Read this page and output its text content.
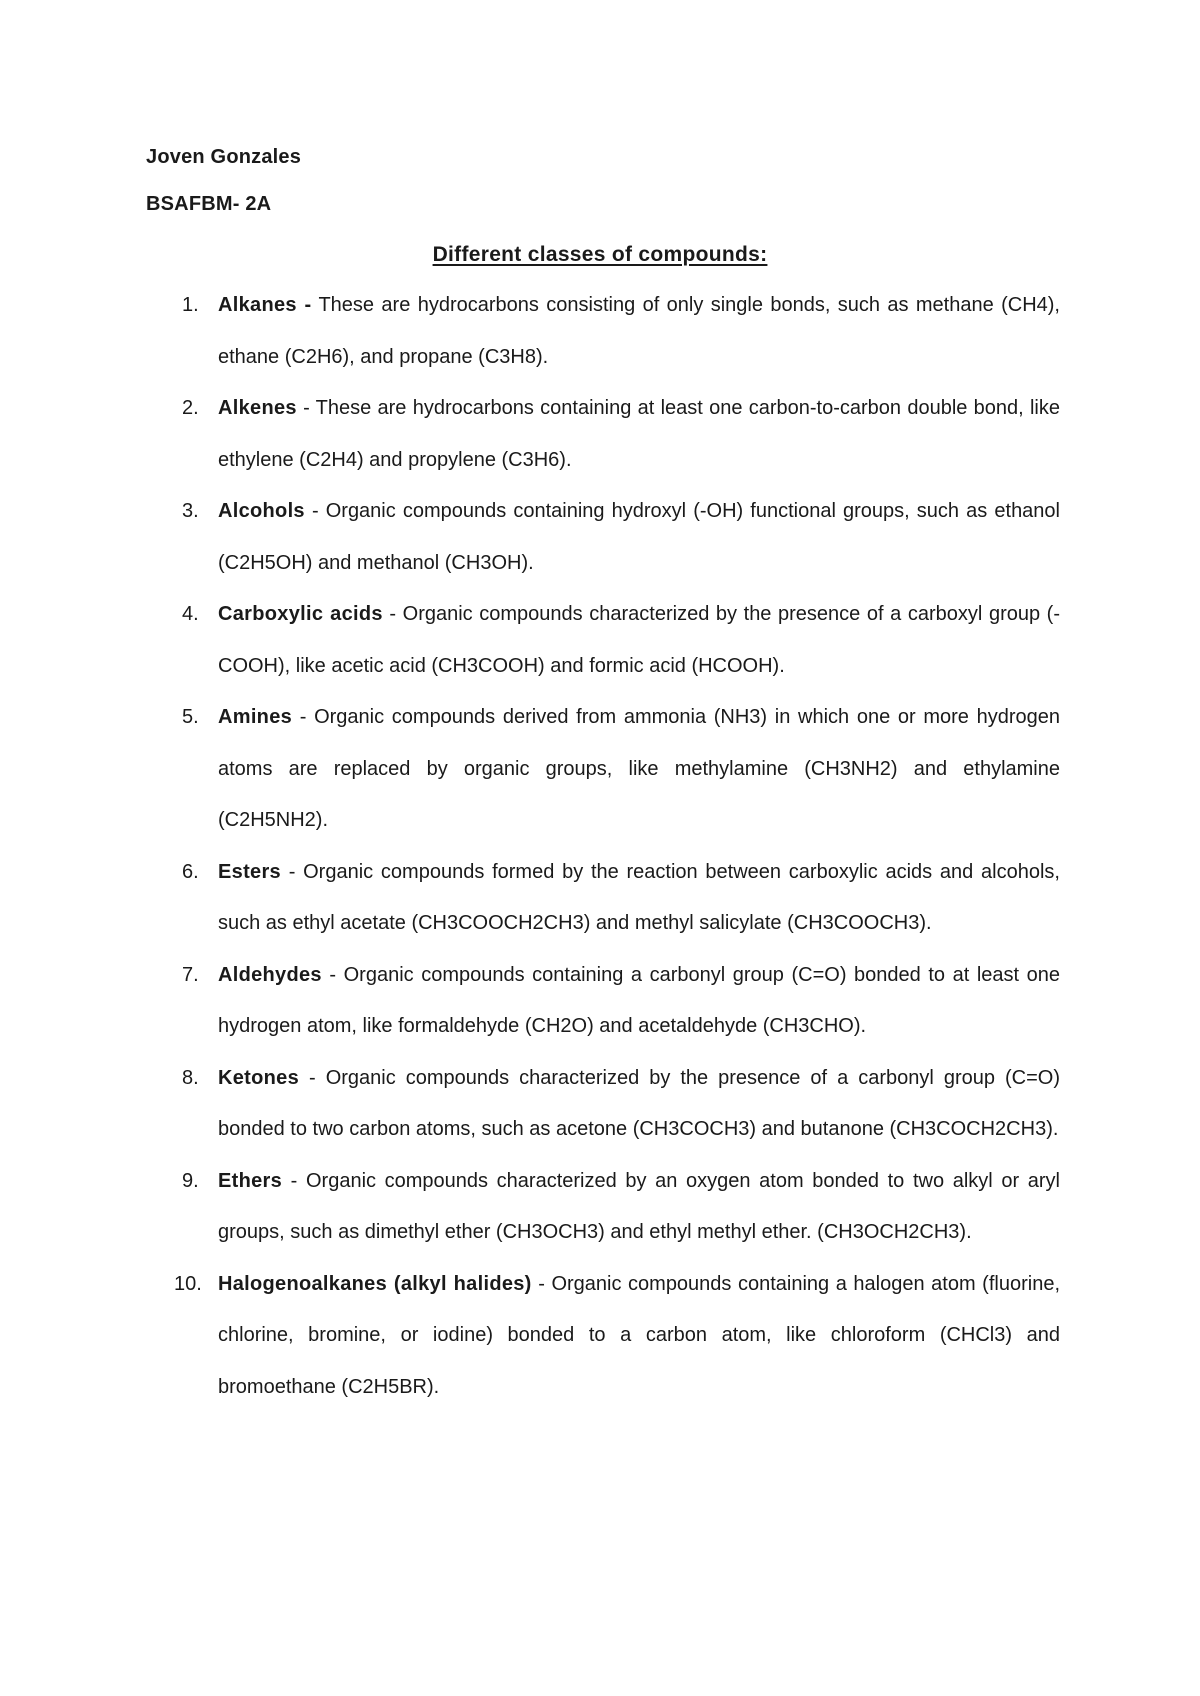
Joven Gonzales
BSAFBM- 2A
Different classes of compounds:
1. Alkanes - These are hydrocarbons consisting of only single bonds, such as methane (CH4), ethane (C2H6), and propane (C3H8).
2. Alkenes - These are hydrocarbons containing at least one carbon-to-carbon double bond, like ethylene (C2H4) and propylene (C3H6).
3. Alcohols - Organic compounds containing hydroxyl (-OH) functional groups, such as ethanol (C2H5OH) and methanol (CH3OH).
4. Carboxylic acids - Organic compounds characterized by the presence of a carboxyl group (-COOH), like acetic acid (CH3COOH) and formic acid (HCOOH).
5. Amines - Organic compounds derived from ammonia (NH3) in which one or more hydrogen atoms are replaced by organic groups, like methylamine (CH3NH2) and ethylamine (C2H5NH2).
6. Esters - Organic compounds formed by the reaction between carboxylic acids and alcohols, such as ethyl acetate (CH3COOCH2CH3) and methyl salicylate (CH3COOCH3).
7. Aldehydes - Organic compounds containing a carbonyl group (C=O) bonded to at least one hydrogen atom, like formaldehyde (CH2O) and acetaldehyde (CH3CHO).
8. Ketones - Organic compounds characterized by the presence of a carbonyl group (C=O) bonded to two carbon atoms, such as acetone (CH3COCH3) and butanone (CH3COCH2CH3).
9. Ethers - Organic compounds characterized by an oxygen atom bonded to two alkyl or aryl groups, such as dimethyl ether (CH3OCH3) and ethyl methyl ether. (CH3OCH2CH3).
10. Halogenoalkanes (alkyl halides) - Organic compounds containing a halogen atom (fluorine, chlorine, bromine, or iodine) bonded to a carbon atom, like chloroform (CHCl3) and bromoethane (C2H5BR).
